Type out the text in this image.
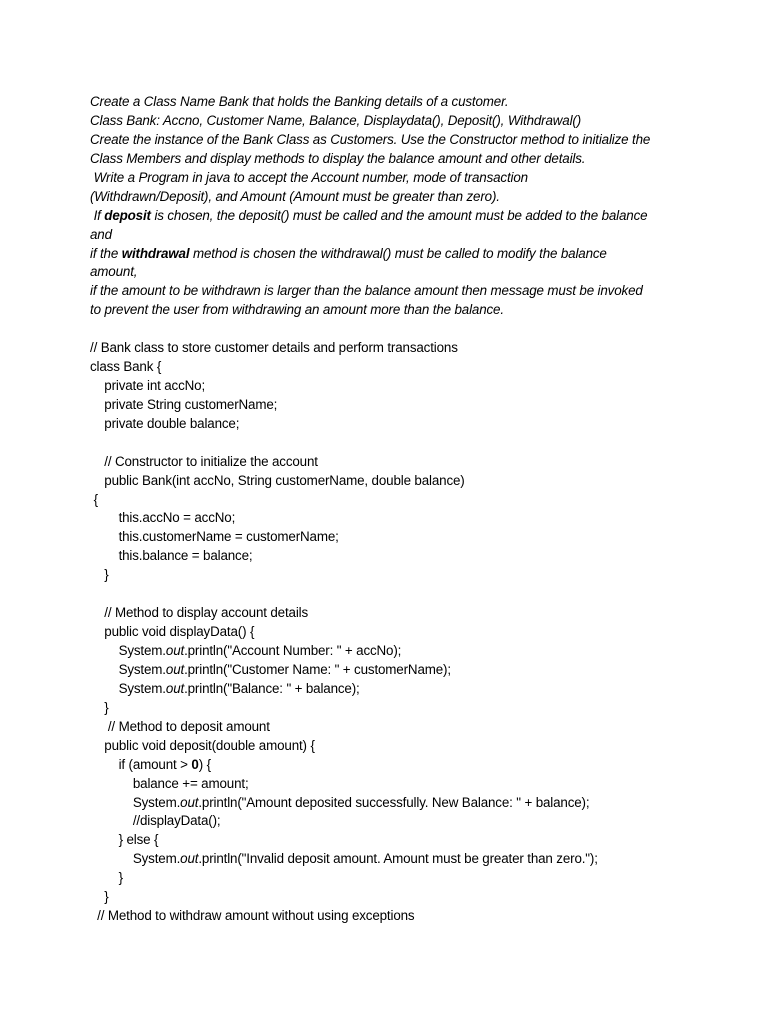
Create a Class Name Bank that holds the Banking details of a customer.
Class Bank: Accno, Customer Name, Balance, Displaydata(), Deposit(), Withdrawal()
Create the instance of the Bank Class as Customers. Use the Constructor method to initialize the
Class Members and display methods to display the balance amount and other details.
Write a Program in java to accept the Account number, mode of transaction
(Withdrawn/Deposit), and Amount (Amount must be greater than zero).
If deposit is chosen, the deposit() must be called and the amount must be added to the balance
and
if the withdrawal method is chosen the withdrawal() must be called to modify the balance
amount,
if the amount to be withdrawn is larger than the balance amount then message must be invoked
to prevent the user from withdrawing an amount more than the balance.
// Bank class to store customer details and perform transactions
class Bank {
private int accNo;
private String customerName;
private double balance;
// Constructor to initialize the account
public Bank(int accNo, String customerName, double balance)
{
this.accNo = accNo;
this.customerName = customerName;
this.balance = balance;
}
// Method to display account details
public void displayData() {
System.out.println("Account Number: " + accNo);
System.out.println("Customer Name: " + customerName);
System.out.println("Balance: " + balance);
}
// Method to deposit amount
public void deposit(double amount) {
if (amount > 0) {
balance += amount;
System.out.println("Amount deposited successfully. New Balance: " + balance);
//displayData();
} else {
System.out.println("Invalid deposit amount. Amount must be greater than zero.");
}
}
// Method to withdraw amount without using exceptions
